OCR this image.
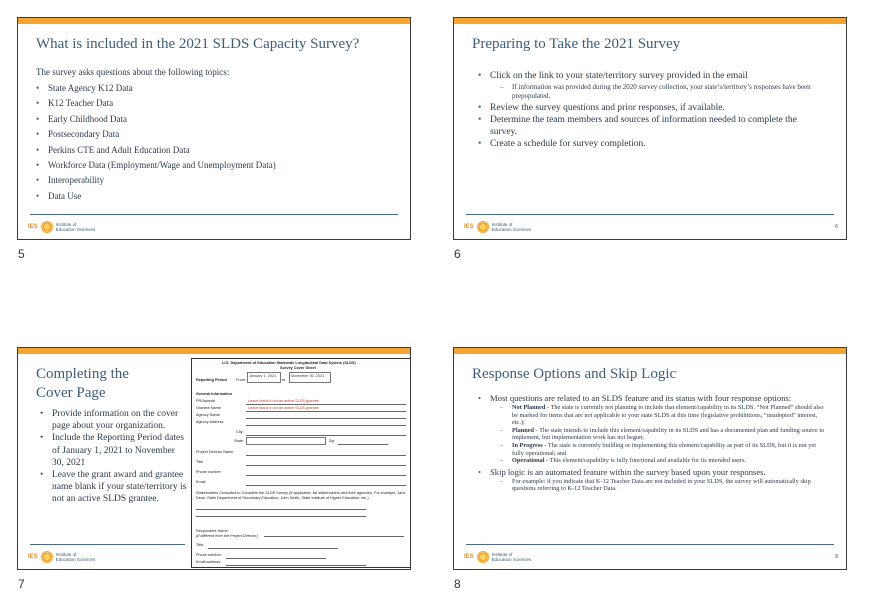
What is included in the 2021 SLDS Capacity Survey?
The survey asks questions about the following topics:
• State Agency K12 Data
• K12 Teacher Data
• Early Childhood Data
• Postsecondary Data
• Perkins CTE and Adult Education Data
• Workforce Data (Employment/Wage and Unemployment Data)
• Interoperability
• Data Use
IES	Institute of
Education Sciences
5
Preparing to Take the 2021 Survey
• Click on the link to your state/territory survey provided in the email
– If information was provided during the 2020 survey collection, your state’s/territory’s responses have been prepopulated.
• Review the survey questions and prior responses, if available.
• Determine the team members and sources of information needed to complete the survey.
• Create a schedule for survey completion.
IES	Institute of
Education Sciences	6
6
Completing the
Cover Page
• Provide information on the cover page about your organization.
• Include the Reporting Period dates of January 1, 2021 to November 30, 2021
• Leave the grant award and grantee name blank if your state/territory is not an active SLDS grantee.
U.S. Department of Education Statewide Longitudinal Data System (SLDS)
Survey Cover Sheet
Reporting Period From:
January 1, 2021
to:
November 30, 2021
General Information
PR/Award#	Leave blank if not an active SLDS grantee
Grantee Name	Leave blank if not an active SLDS grantee
Agency Name
Agency Address
City:
State:	Zip:
Project Director Name
Title
Phone number
Email
Stakeholders Consulted to Complete the SLDS Survey (If applicable, list stakeholders and their agencies. For example, Jane Dean, State Department of Secondary Education; John Smith, State Institute of Higher Education; etc.)
Respondent Name:
(If different from the Project Director)
Title:
Phone number:
Email address:
IES	Institute of
Education Sciences
7
Response Options and Skip Logic
• Most questions are related to an SLDS feature and its status with four response options:
– Not Planned - The state is currently not planning to include that element/capability in its SLDS. “Not Planned” should also be marked for items that are not applicable to your state SLDS at this time (legislative prohibitions, “unadopted” interest, etc.);
– Planned - The state intends to include this element/capability in its SLDS and has a documented plan and funding source to implement, but implementation work has not begun;
– In Progress - The state is currently building or implementing this element/capability as part of its SLDS, but it is not yet fully operational; and
– Operational - This element/capability is fully functional and available for its intended users.
• Skip logic is an automated feature within the survey based upon your responses.
– For example: if you indicate that K-12 Teacher Data are not included in your SLDS, the survey will automatically skip questions referring to K-12 Teacher Data.
IES	Institute of
Education Sciences	8
8
